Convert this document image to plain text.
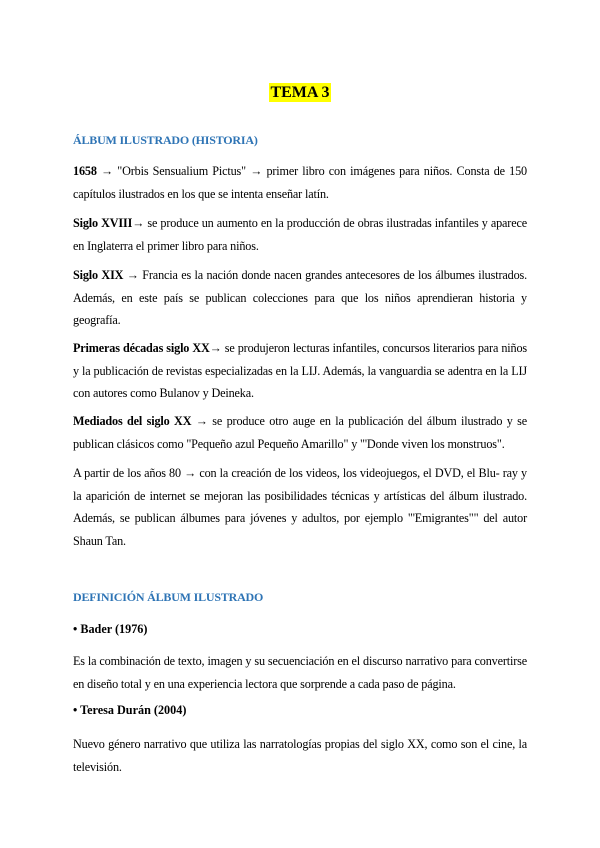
TEMA 3
ÁLBUM ILUSTRADO (HISTORIA)
1658 → "Orbis Sensualium Pictus" → primer libro con imágenes para niños. Consta de 150 capítulos ilustrados en los que se intenta enseñar latín.
Siglo XVIII→ se produce un aumento en la producción de obras ilustradas infantiles y aparece en Inglaterra el primer libro para niños.
Siglo XIX → Francia es la nación donde nacen grandes antecesores de los álbumes ilustrados. Además, en este país se publican colecciones para que los niños aprendieran historia y geografía.
Primeras décadas siglo XX→ se produjeron lecturas infantiles, concursos literarios para niños y la publicación de revistas especializadas en la LIJ. Además, la vanguardia se adentra en la LIJ con autores como Bulanov y Deineka.
Mediados del siglo XX → se produce otro auge en la publicación del álbum ilustrado y se publican clásicos como "Pequeño azul Pequeño Amarillo" y "'Donde viven los monstruos".
A partir de los años 80 → con la creación de los videos, los videojuegos, el DVD, el Blu- ray y la aparición de internet se mejoran las posibilidades técnicas y artísticas del álbum ilustrado. Además, se publican álbumes para jóvenes y adultos, por ejemplo "'Emigrantes"" del autor Shaun Tan.
DEFINICIÓN ÁLBUM ILUSTRADO
• Bader (1976)
Es la combinación de texto, imagen y su secuenciación en el discurso narrativo para convertirse en diseño total y en una experiencia lectora que sorprende a cada paso de página.
• Teresa Durán (2004)
Nuevo género narrativo que utiliza las narratologías propias del siglo XX, como son el cine, la televisión.
